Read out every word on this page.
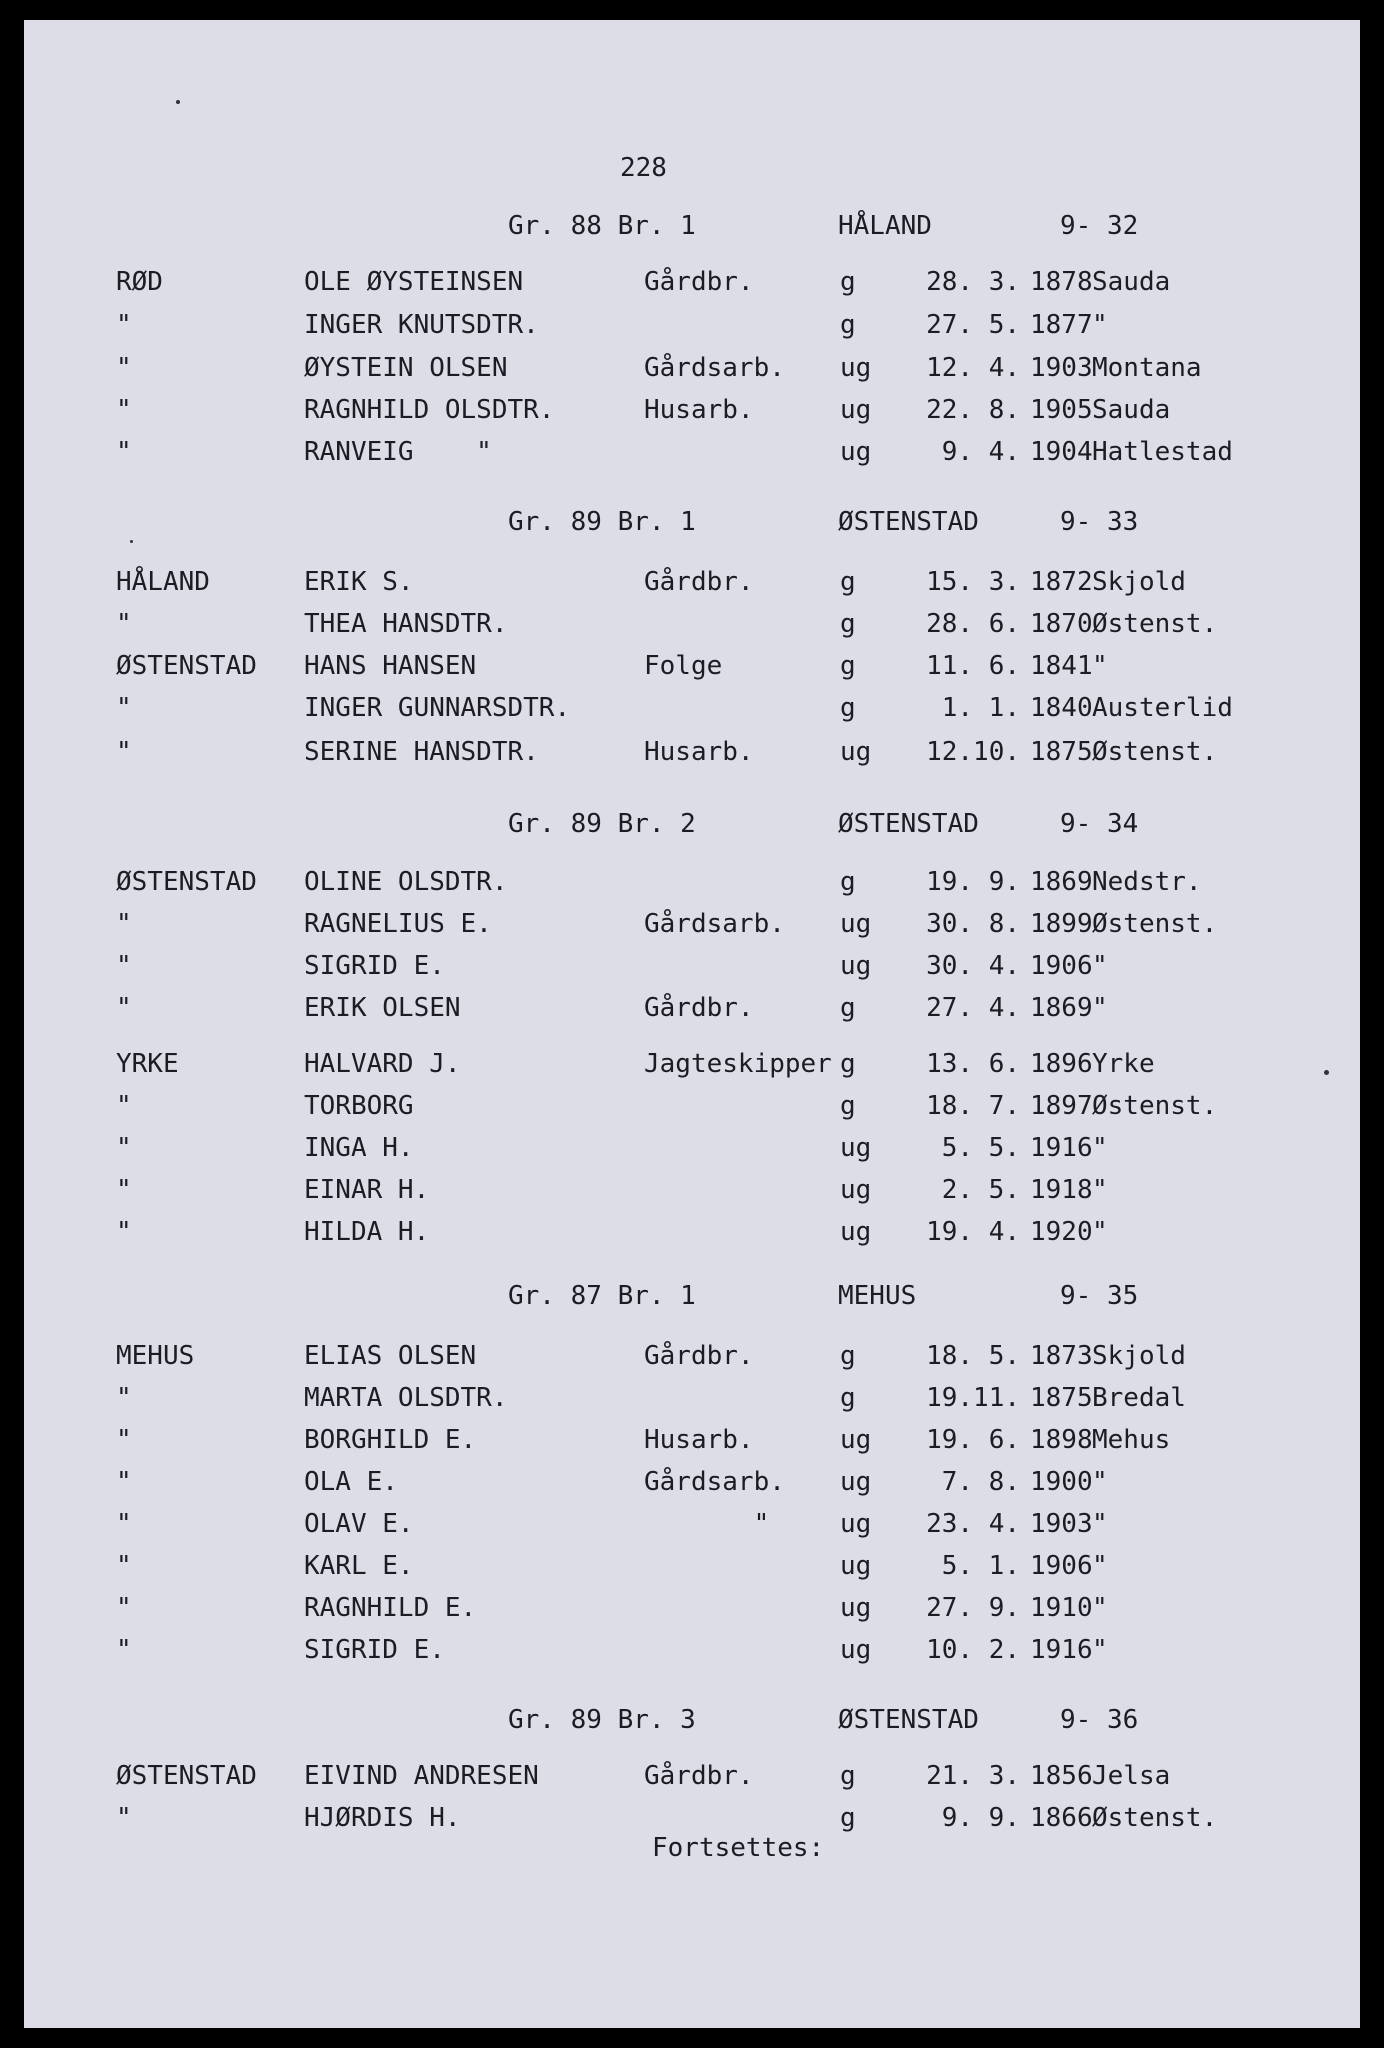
228
Gr. 88 Br. 1	HÅLAND	9- 32
RØD	OLE ØYSTEINSEN	Gårdbr.	g	28. 3. 1878 Sauda
"	INGER KNUTSDTR.	g	27. 5. 1877 "
"	ØYSTEIN OLSEN	Gårdsarb. ug	12. 4. 1903 Montana
"	RAGNHILD OLSDTR.	Husarb.	ug	22. 8. 1905 Sauda
"	RANVEIG    "	ug	9. 4. 1904 Hatlestad
Gr. 89 Br. 1	ØSTENSTAD	9- 33
HÅLAND	ERIK S.	Gårdbr.	g	15. 3. 1872 Skjold
"	THEA HANSDTR.	g	28. 6. 1870 Østenst.
ØSTENSTAD HANS HANSEN	Folge	g	11. 6. 1841 "
"	INGER GUNNARSDTR.	g	1. 1. 1840 Austerlid
"	SERINE HANSDTR.	Husarb.	ug	12.10. 1875 Østenst.
Gr. 89 Br. 2	ØSTENSTAD	9- 34
ØSTENSTAD OLINE OLSDTR.	g	19. 9. 1869 Nedstr.
"	RAGNELIUS E.	Gårdsarb. ug	30. 8. 1899 Østenst.
"	SIGRID E.	ug	30. 4. 1906 "
"	ERIK OLSEN	Gårdbr.	g	27. 4. 1869 "
YRKE	HALVARD J.	Jagteskipper g	13. 6. 1896 Yrke
"	TORBORG	g	18. 7. 1897 Østenst.
"	INGA H.	ug	5. 5. 1916 "
"	EINAR H.	ug	2. 5. 1918 "
"	HILDA H.	ug	19. 4. 1920 "
Gr. 87 Br. 1	MEHUS	9- 35
MEHUS	ELIAS OLSEN	Gårdbr.	g	18. 5. 1873 Skjold
"	MARTA OLSDTR.	g	19.11. 1875 Bredal
"	BORGHILD E.	Husarb.	ug	19. 6. 1898 Mehus
"	OLA E.	Gårdsarb. ug	7. 8. 1900 "
"	OLAV E.	"	ug	23. 4. 1903 "
"	KARL E.	ug	5. 1. 1906 "
"	RAGNHILD E.	ug	27. 9. 1910 "
"	SIGRID E.	ug	10. 2. 1916 "
Gr. 89 Br. 3	ØSTENSTAD	9- 36
ØSTENSTAD EIVIND ANDRESEN	Gårdbr.	g	21. 3. 1856 Jelsa
"	HJØRDIS H.	g	9. 9. 1866 Østenst.
Fortsettes:
